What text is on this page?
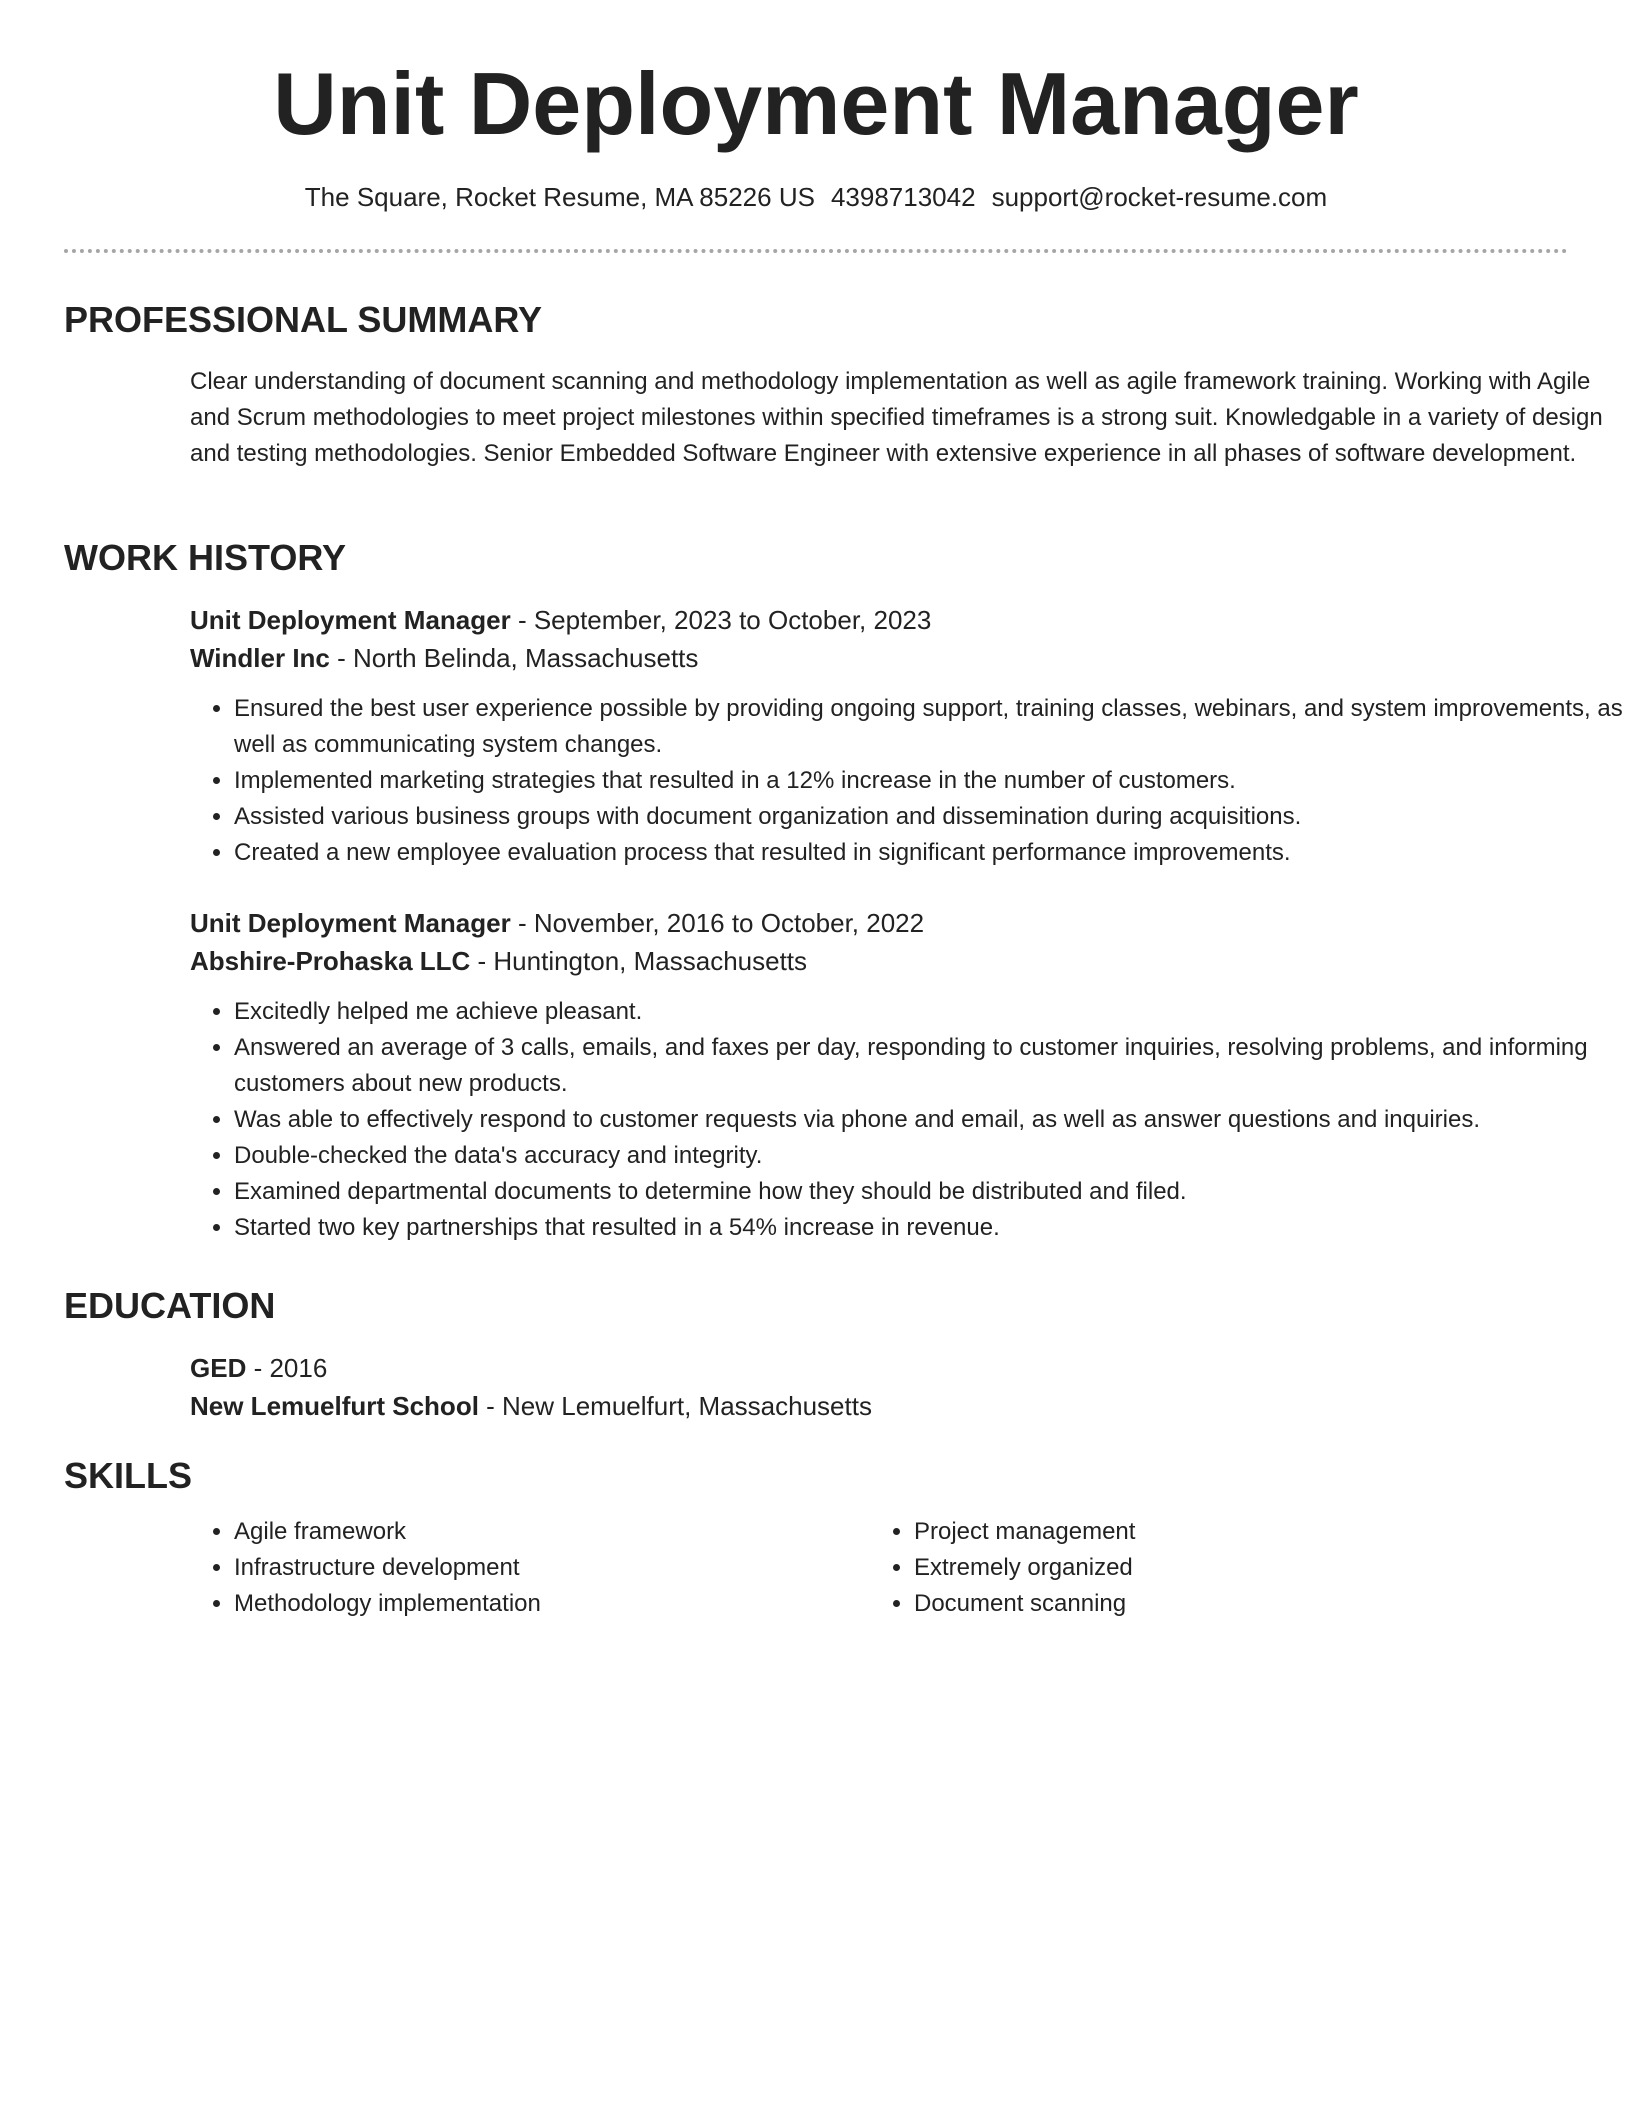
Unit Deployment Manager
The Square, Rocket Resume, MA 85226 US 4398713042 support@rocket-resume.com
PROFESSIONAL SUMMARY
Clear understanding of document scanning and methodology implementation as well as agile framework training. Working with Agile and Scrum methodologies to meet project milestones within specified timeframes is a strong suit. Knowledgable in a variety of design and testing methodologies. Senior Embedded Software Engineer with extensive experience in all phases of software development.
WORK HISTORY
Unit Deployment Manager - September, 2023 to October, 2023
Windler Inc - North Belinda, Massachusetts
• Ensured the best user experience possible by providing ongoing support, training classes, webinars, and system improvements, as well as communicating system changes.
• Implemented marketing strategies that resulted in a 12% increase in the number of customers.
• Assisted various business groups with document organization and dissemination during acquisitions.
• Created a new employee evaluation process that resulted in significant performance improvements.
Unit Deployment Manager - November, 2016 to October, 2022
Abshire-Prohaska LLC - Huntington, Massachusetts
• Excitedly helped me achieve pleasant.
• Answered an average of 3 calls, emails, and faxes per day, responding to customer inquiries, resolving problems, and informing customers about new products.
• Was able to effectively respond to customer requests via phone and email, as well as answer questions and inquiries.
• Double-checked the data's accuracy and integrity.
• Examined departmental documents to determine how they should be distributed and filed.
• Started two key partnerships that resulted in a 54% increase in revenue.
EDUCATION
GED - 2016
New Lemuelfurt School - New Lemuelfurt, Massachusetts
SKILLS
• Agile framework
• Infrastructure development
• Methodology implementation
• Project management
• Extremely organized
• Document scanning
